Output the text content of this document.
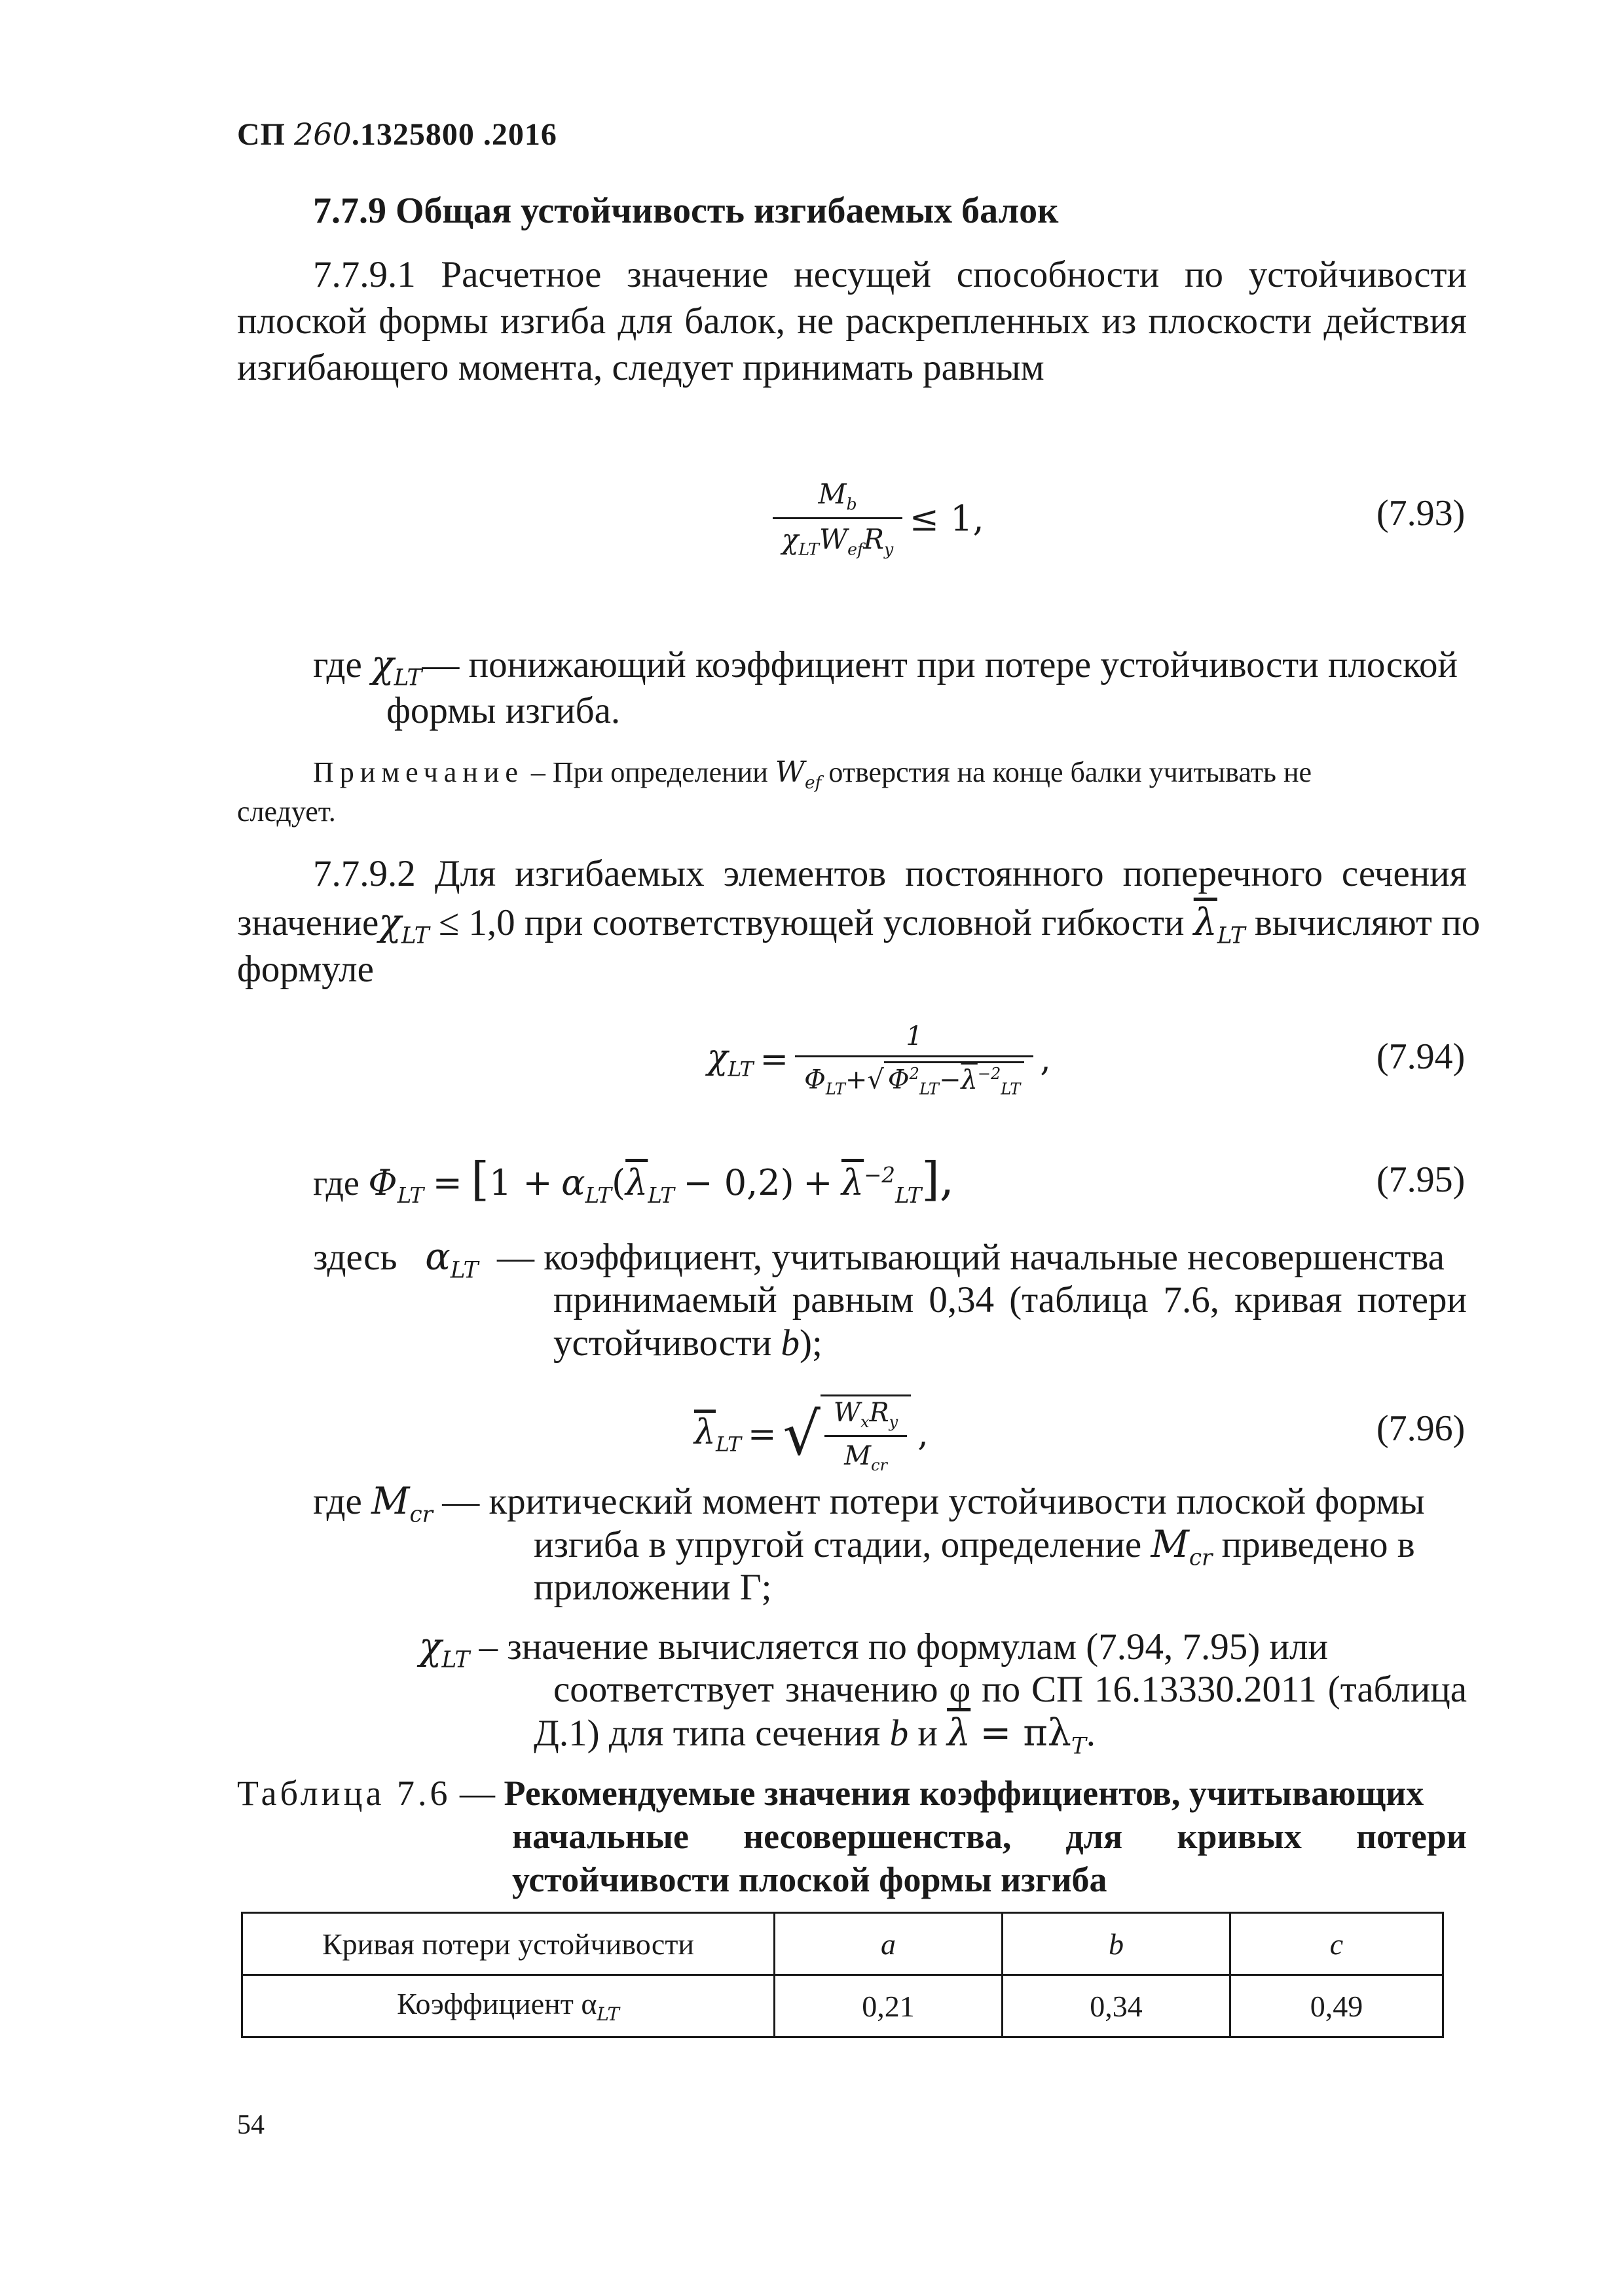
СП 260.1325800 .2016
7.7.9 Общая устойчивость изгибаемых балок
7.7.9.1 Расчетное значение несущей способности по устойчивости
плоской формы изгиба для балок, не раскрепленных из плоскости действия
изгибающего момента, следует принимать равным
$\frac{M_b}{\chi_{LT}W_{ef}R_y} \le 1$,	(7.93)
где $\chi_{LT}—$ понижающий коэффициент при потере устойчивости плоской
формы изгиба.
Примечание – При определении $W_{ef}$ отверстия на конце балки учитывать не
следует.
7.7.9.2 Для изгибаемых элементов постоянного поперечного сечения
значениеχ$_{LT}$ ≤ 1,0 при соответствующей условной гибкости $\overline{\lambda}_{LT}$ вычисляют по
формуле
$\chi_{LT} = \frac{1}{\Phi_{LT}+√ \Phi^2_{LT}-\overline{\lambda}^{-2}_{LT}}$ ,	(7.94)
где $\Phi_{LT} = [1 + \alpha_{LT}(\overline{\lambda}_{LT} - 0,2) + \overline{\lambda}^{-2}_{LT}]$,	(7.95)
здесь $\alpha_{LT}$ — коэффициент, учитывающий начальные несовершенства
принимаемый равным 0,34 (таблица 7.6, кривая потери
устойчивости b);
$\overline{\lambda}_{LT}$ = √ $\frac{W_xR_y}{M_{cr}}$ ,	(7.96)
где $M_{cr}$ — критический момент потери устойчивости плоской формы
изгиба в упругой стадии, определение $M_{cr}$ приведено в
приложении Г;
$\chi_{LT}$ – значение вычисляется по формулам (7.94, 7.95) или
соответствует значению φ по СП 16.13330.2011 (таблица
Д.1) для типа сечения b и $\overline{\lambda} = \pi\lambda_T$.
Таблица 7.6 — Рекомендуемые значения коэффициентов, учитывающих
начальные несовершенства, для кривых потери
устойчивости плоской формы изгиба
Кривая потери устойчивости	a	b	c
Коэффициент $\alpha_{LT}$	0,21	0,34	0,49
54
